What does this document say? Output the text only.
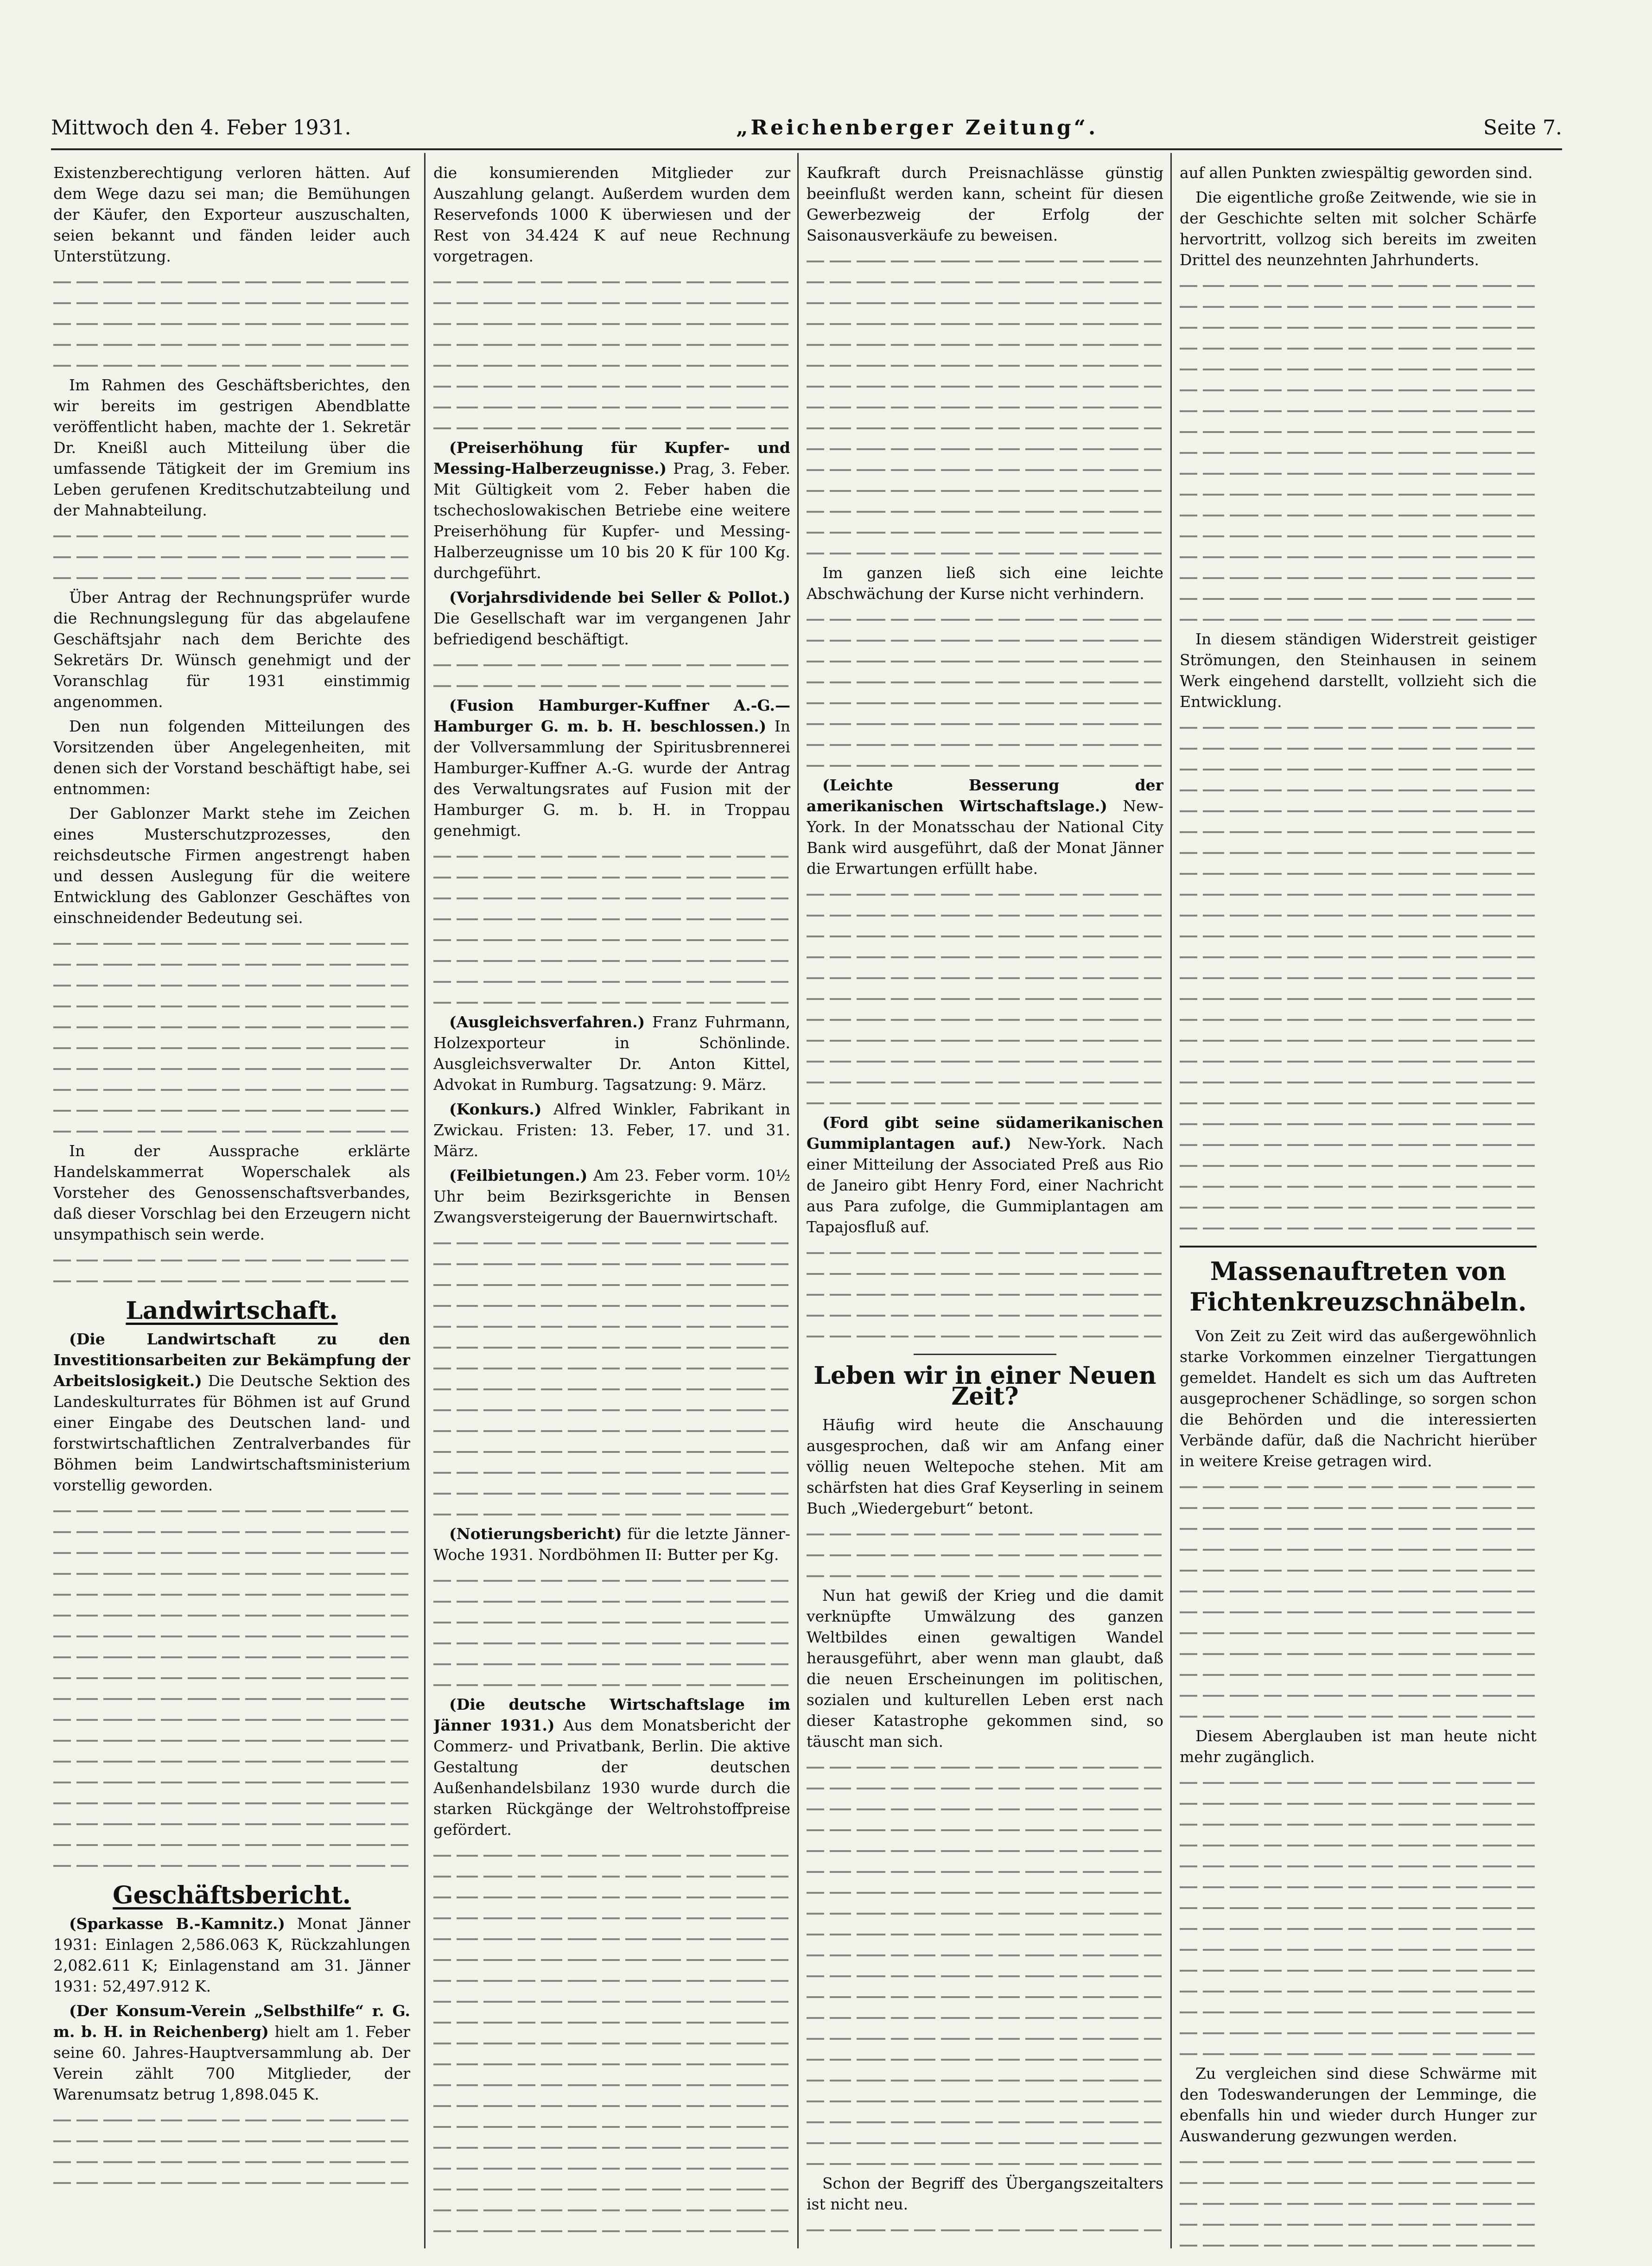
Mittwoch den 4. Feber 1931.	„Reichenberger Zeitung“.	Seite 7.

Existenzberechtigung verloren hätten. Auf dem Wege dazu sei man; die Bemühungen der Käufer, den Exporteur auszuschalten, seien bekannt und fänden leider auch Unterstützung.

Im Rahmen des Geschäftsberichtes, den wir bereits im gestrigen Abendblatte veröffentlicht haben, machte der 1. Sekretär Dr. Kneißl auch Mitteilung über die umfassende Tätigkeit der im Gremium ins Leben gerufenen Kreditschutzabteilung und der Mahnabteilung.

Über Antrag der Rechnungsprüfer wurde die Rechnungslegung für das abgelaufene Geschäftsjahr nach dem Berichte des Sekretärs Dr. Wünsch genehmigt und der Voranschlag für 1931 einstimmig angenommen.

Den nun folgenden Mitteilungen des Vorsitzenden über Angelegenheiten, mit denen sich der Vorstand beschäftigt habe, sei entnommen:

Der Gablonzer Markt stehe im Zeichen eines Musterschutzprozesses, den reichsdeutsche Firmen angestrengt haben und dessen Auslegung für die weitere Entwicklung des Gablonzer Geschäftes von einschneidender Bedeutung sei.

In der Aussprache erklärte Handelskammerrat Woperschalek als Vorsteher des Genossenschaftsverbandes, daß dieser Vorschlag bei den Erzeugern nicht unsympathisch sein werde.

Landwirtschaft.

(Die Landwirtschaft zu den Investitionsarbeiten zur Bekämpfung der Arbeitslosigkeit.) Die Deutsche Sektion des Landeskulturrates für Böhmen ist auf Grund einer Eingabe des Deutschen land- und forstwirtschaftlichen Zentralverbandes für Böhmen beim Landwirtschaftsministerium vorstellig geworden.

Geschäftsbericht.

(Sparkasse B.-Kamnitz.) Monat Jänner 1931: Einlagen 2,586.063 K, Rückzahlungen 2,082.611 K; Einlagenstand am 31. Jänner 1931: 52,497.912 K.

(Der Konsum-Verein „Selbsthilfe“ r. G. m. b. H. in Reichenberg) hielt am 1. Feber seine 60. Jahres-Hauptversammlung ab. Der Verein zählt 700 Mitglieder, der Warenumsatz betrug 1,898.045 K.

die konsumierenden Mitglieder zur Auszahlung gelangt. Außerdem wurden dem Reservefonds 1000 K überwiesen und der Rest von 34.424 K auf neue Rechnung vorgetragen.

(Preiserhöhung für Kupfer- und Messing-Halberzeugnisse.) Prag, 3. Feber. Mit Gültigkeit vom 2. Feber haben die tschechoslowakischen Betriebe eine weitere Preiserhöhung für Kupfer- und Messing-Halberzeugnisse um 10 bis 20 K für 100 Kg. durchgeführt.

(Vorjahrsdividende bei Seller & Pollot.) Die Gesellschaft war im vergangenen Jahr befriedigend beschäftigt.

(Fusion Hamburger-Kuffner A.-G.—Hamburger G. m. b. H. beschlossen.) In der Vollversammlung der Spiritusbrennerei Hamburger-Kuffner A.-G. wurde der Antrag des Verwaltungsrates auf Fusion mit der Hamburger G. m. b. H. in Troppau genehmigt.

(Ausgleichsverfahren.) Franz Fuhrmann, Holzexporteur in Schönlinde. Ausgleichsverwalter Dr. Anton Kittel, Advokat in Rumburg. Tagsatzung: 9. März.

(Konkurs.) Alfred Winkler, Fabrikant in Zwickau. Fristen: 13. Feber, 17. und 31. März.

(Feilbietungen.) Am 23. Feber vorm. 10½ Uhr beim Bezirksgerichte in Bensen Zwangsversteigerung der Bauernwirtschaft.

(Notierungsbericht) für die letzte Jänner-Woche 1931. Nordböhmen II: Butter per Kg.

(Die deutsche Wirtschaftslage im Jänner 1931.) Aus dem Monatsbericht der Commerz- und Privatbank, Berlin. Die aktive Gestaltung der deutschen Außenhandelsbilanz 1930 wurde durch die starken Rückgänge der Weltrohstoffpreise gefördert.

Kaufkraft durch Preisnachlässe günstig beeinflußt werden kann, scheint für diesen Gewerbezweig der Erfolg der Saisonausverkäufe zu beweisen.

Im ganzen ließ sich eine leichte Abschwächung der Kurse nicht verhindern.

(Leichte Besserung der amerikanischen Wirtschaftslage.) New-York. In der Monatsschau der National City Bank wird ausgeführt, daß der Monat Jänner die Erwartungen erfüllt habe.

(Ford gibt seine südamerikanischen Gummiplantagen auf.) New-York. Nach einer Mitteilung der Associated Preß aus Rio de Janeiro gibt Henry Ford, einer Nachricht aus Para zufolge, die Gummiplantagen am Tapajosfluß auf.

Leben wir in einer Neuen Zeit?

Häufig wird heute die Anschauung ausgesprochen, daß wir am Anfang einer völlig neuen Weltepoche stehen. Mit am schärfsten hat dies Graf Keyserling in seinem Buch „Wiedergeburt“ betont.

Nun hat gewiß der Krieg und die damit verknüpfte Umwälzung des ganzen Weltbildes einen gewaltigen Wandel herausgeführt, aber wenn man glaubt, daß die neuen Erscheinungen im politischen, sozialen und kulturellen Leben erst nach dieser Katastrophe gekommen sind, so täuscht man sich.

Schon der Begriff des Übergangszeitalters ist nicht neu.

auf allen Punkten zwiespältig geworden sind.

Die eigentliche große Zeitwende, wie sie in der Geschichte selten mit solcher Schärfe hervortritt, vollzog sich bereits im zweiten Drittel des neunzehnten Jahrhunderts.

In diesem ständigen Widerstreit geistiger Strömungen, den Steinhausen in seinem Werk eingehend darstellt, vollzieht sich die Entwicklung.

Massenauftreten von Fichtenkreuzschnäbeln.

Von Zeit zu Zeit wird das außergewöhnlich starke Vorkommen einzelner Tiergattungen gemeldet. Handelt es sich um das Auftreten ausgeprochener Schädlinge, so sorgen schon die Behörden und die interessierten Verbände dafür, daß die Nachricht hierüber in weitere Kreise getragen wird.

Diesem Aberglauben ist man heute nicht mehr zugänglich.

Zu vergleichen sind diese Schwärme mit den Todeswanderungen der Lemminge, die ebenfalls hin und wieder durch Hunger zur Auswanderung gezwungen werden.
